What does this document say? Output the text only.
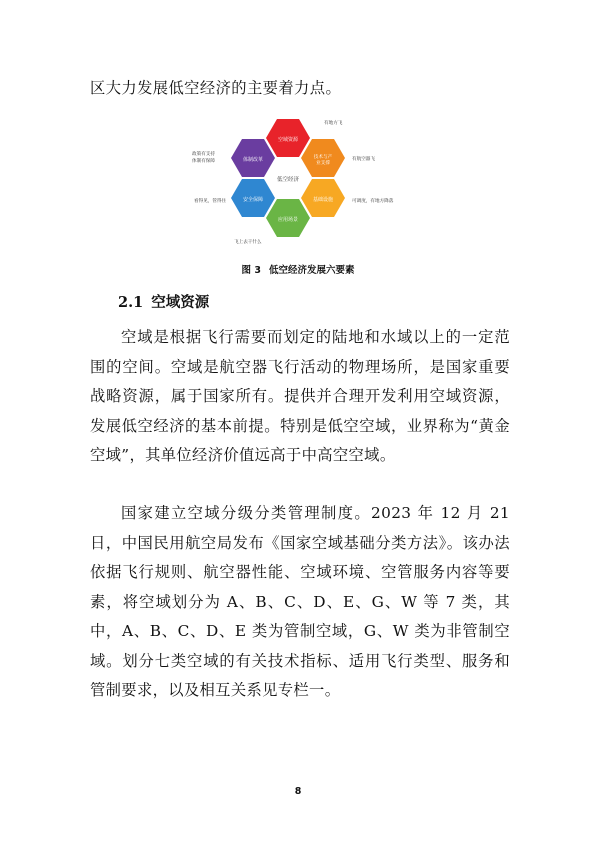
区大力发展低空经济的主要着力点。
空域资源
技术与产业支撑
基础设施
应用场景
安全保障
体制改革
低空经济
有地方飞
有航空器飞
可调度，有地方降落
飞上去干什么
看得见，管得住
政策有支持
体制有保障
图 3 低空经济发展六要素
2.1 空域资源
空域是根据飞行需要而划定的陆地和水域以上的一定范围的空间。空域是航空器飞行活动的物理场所，是国家重要战略资源，属于国家所有。提供并合理开发利用空域资源，发展低空经济的基本前提。特别是低空空域，业界称为“黄金空域”，其单位经济价值远高于中高空空域。
国家建立空域分级分类管理制度。2023 年 12 月 21 日，中国民用航空局发布《国家空域基础分类方法》。该办法依据飞行规则、航空器性能、空域环境、空管服务内容等要素，将空域划分为 A、B、C、D、E、G、W 等 7 类，其中，A、B、C、D、E 类为管制空域，G、W 类为非管制空域。划分七类空域的有关技术指标、适用飞行类型、服务和管制要求，以及相互关系见专栏一。
8
